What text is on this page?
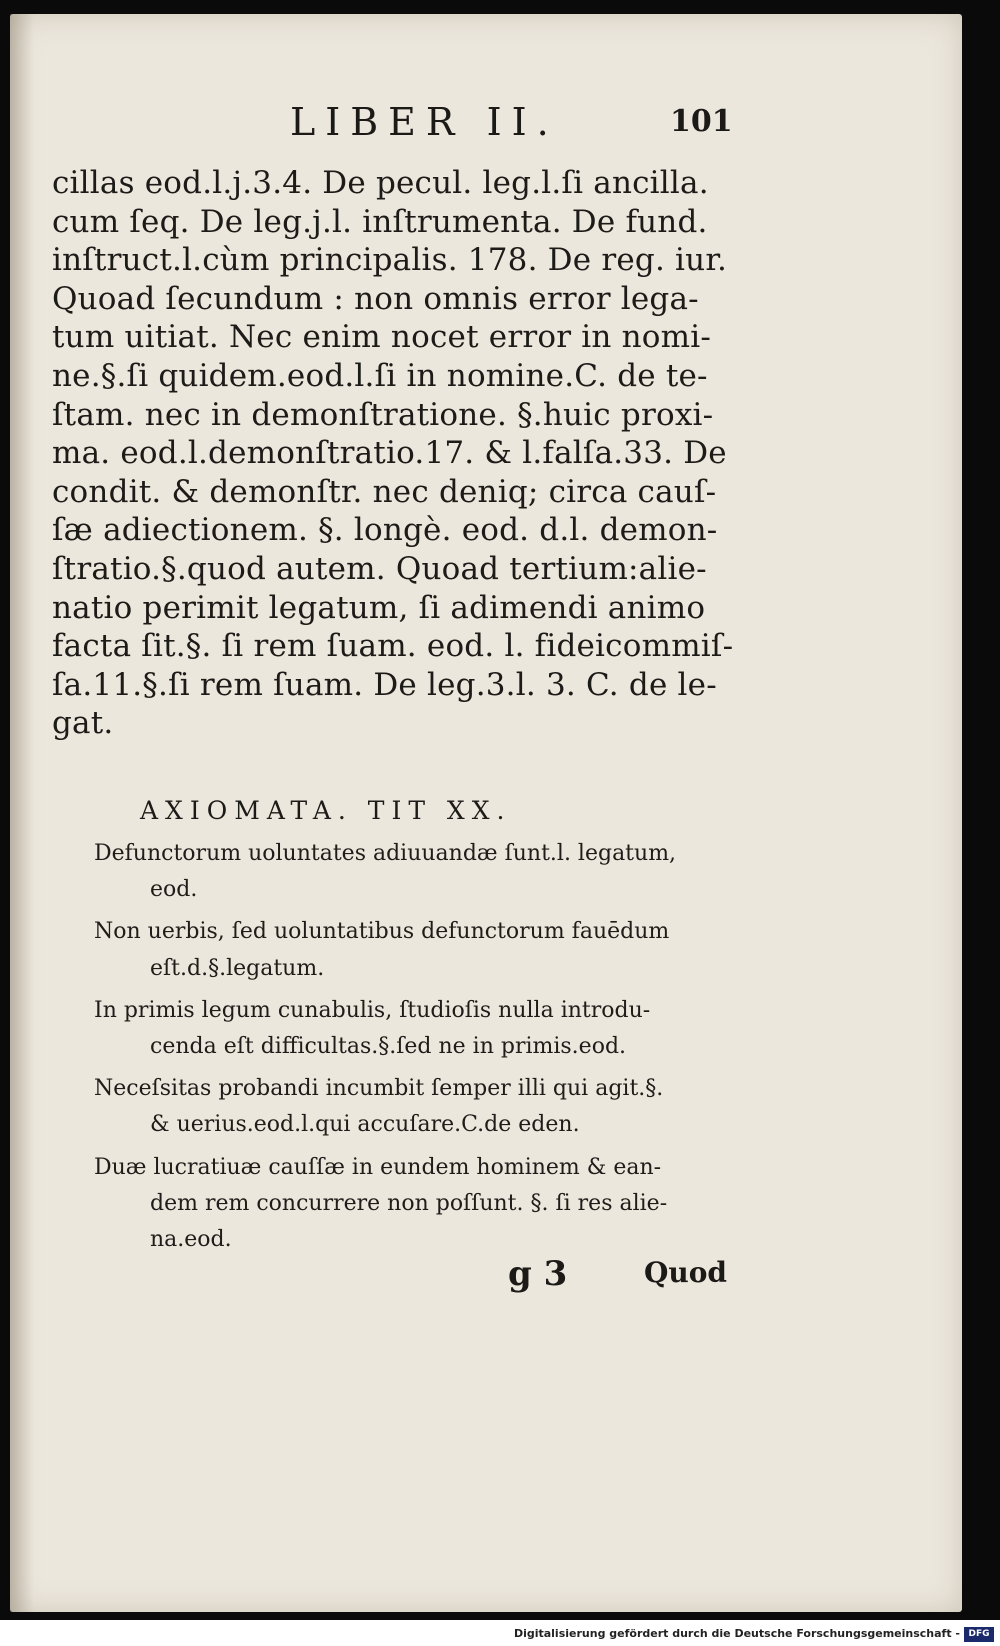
LIBER II.	101
cillas eod.l.j.3.4. De pecul. leg.l.ſi ancilla.
cum ſeq. De leg.j.l. inſtrumenta. De fund.
inſtruct.l.cùm principalis. 178. De reg. iur.
Quoad ſecundum : non omnis error lega-
tum uitiat. Nec enim nocet error in nomi-
ne.§.ſi quidem.eod.l.ſi in nomine.C. de te-
ſtam. nec in demonſtratione. §.huic proxi-
ma. eod.l.demonſtratio.17. & l.falſa.33. De
condit. & demonſtr. nec deniq; circa cauſ-
ſæ adiectionem. §. longè. eod. d.l. demon-
ſtratio.§.quod autem. Quoad tertium:alie-
natio perimit legatum, ſi adimendi animo
facta ſit.§. ſi rem ſuam. eod. l. fideicommiſ-
ſa.11.§.ſi rem ſuam. De leg.3.l. 3. C. de le-
gat.
AXIOMATA. TIT XX.
Defunctorum uoluntates adiuuandæ ſunt.l. legatum,
eod.
Non uerbis, ſed uoluntatibus defunctorum fauēdum
eſt.d.§.legatum.
In primis legum cunabulis, ſtudioſis nulla introdu-
cenda eſt difficultas.§.ſed ne in primis.eod.
Neceſsitas probandi incumbit ſemper illi qui agit.§.
& uerius.eod.l.qui accuſare.C.de eden.
Duæ lucratiuæ cauſſæ in eundem hominem & ean-
dem rem concurrere non poſſunt. §. ſi res alie-
na.eod.
g 3	Quod
Digitalisierung gefördert durch die Deutsche Forschungsgemeinschaft - DFG
